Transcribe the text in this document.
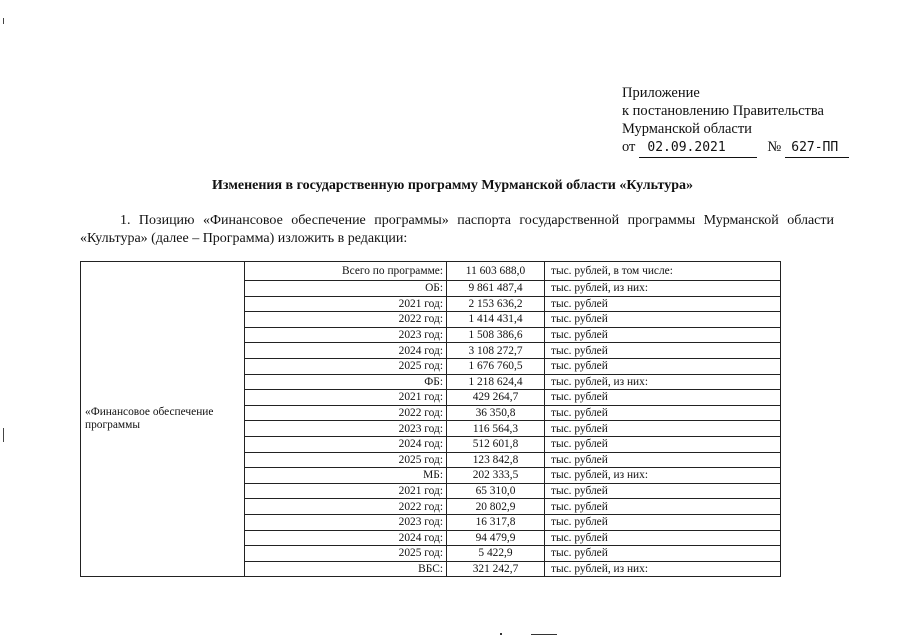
Приложение
к постановлению Правительства
Мурманской области
от 02.09.2021	№ 627-ПП
Изменения в государственную программу Мурманской области «Культура»
1. Позицию «Финансовое обеспечение программы» паспорта государственной программы Мурманской области «Культура» (далее – Программа) изложить в редакции:
«Финансовое обеспечение программы	Всего по программе:	11 603 688,0	тыс. рублей, в том числе:
	ОБ:	9 861 487,4	тыс. рублей, из них:
	2021 год:	2 153 636,2	тыс. рублей
	2022 год:	1 414 431,4	тыс. рублей
	2023 год:	1 508 386,6	тыс. рублей
	2024 год:	3 108 272,7	тыс. рублей
	2025 год:	1 676 760,5	тыс. рублей
	ФБ:	1 218 624,4	тыс. рублей, из них:
	2021 год:	429 264,7	тыс. рублей
	2022 год:	36 350,8	тыс. рублей
	2023 год:	116 564,3	тыс. рублей
	2024 год:	512 601,8	тыс. рублей
	2025 год:	123 842,8	тыс. рублей
	МБ:	202 333,5	тыс. рублей, из них:
	2021 год:	65 310,0	тыс. рублей
	2022 год:	20 802,9	тыс. рублей
	2023 год:	16 317,8	тыс. рублей
	2024 год:	94 479,9	тыс. рублей
	2025 год:	5 422,9	тыс. рублей
	ВБС:	321 242,7	тыс. рублей, из них:
